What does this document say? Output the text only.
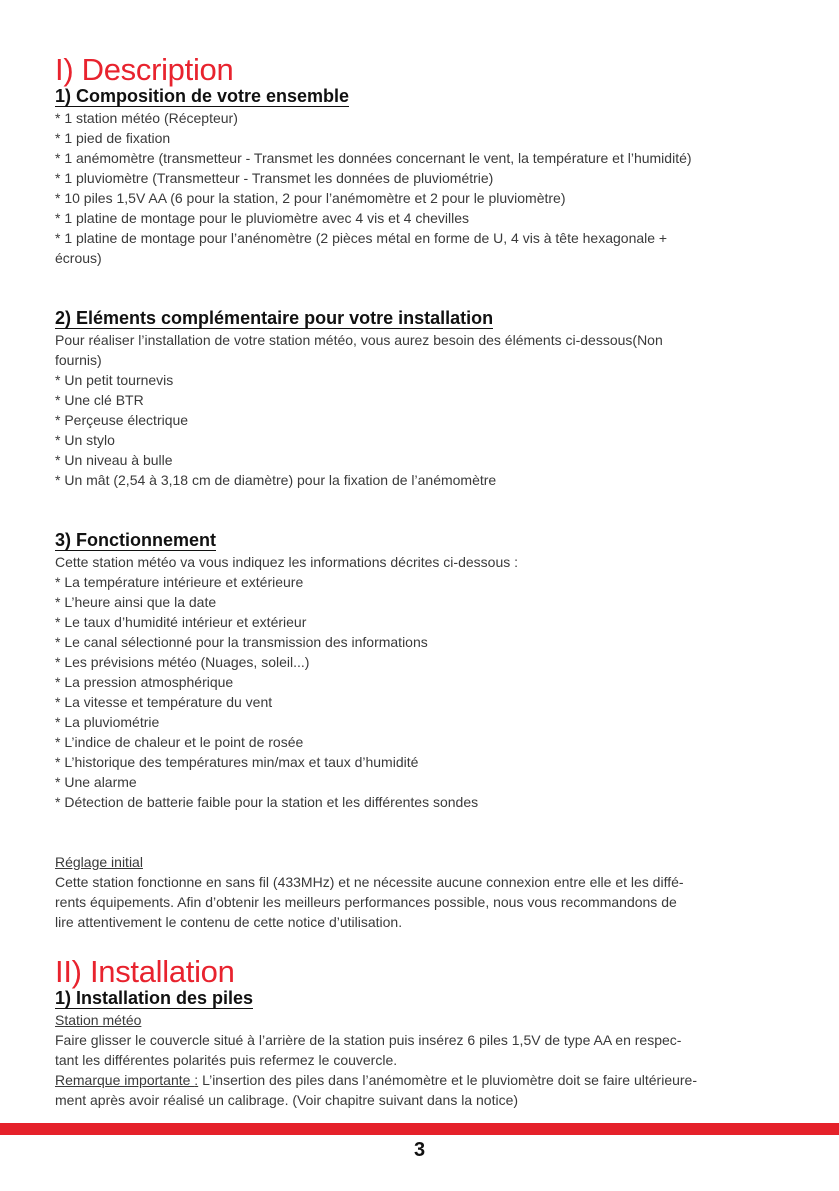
I) Description
1) Composition de votre ensemble

* 1 station météo (Récepteur)

* 1 pied de fixation

* 1 anémomètre (transmetteur - Transmet les données concernant le vent, la température et l’humidité)

* 1 pluviomètre (Transmetteur - Transmet les données de pluviométrie)

* 10 piles 1,5V AA (6 pour la station, 2 pour l’anémomètre et 2 pour le pluviomètre)

* 1 platine de montage pour le pluviomètre avec 4 vis et 4 chevilles

* 1 platine de montage pour l’anénomètre (2 pièces métal en forme de U, 4 vis à tête hexagonale +

écrous)

2) Eléments complémentaire pour votre installation

Pour réaliser l’installation de votre station météo, vous aurez besoin des éléments ci-dessous(Non

fournis)

* Un petit tournevis

* Une clé BTR

* Perçeuse électrique

* Un stylo

* Un niveau à bulle

* Un mât (2,54 à 3,18 cm de diamètre) pour la fixation de l’anémomètre

3) Fonctionnement

Cette station météo va vous indiquez les informations décrites ci-dessous :

* La température intérieure et extérieure

* L’heure ainsi que la date

* Le taux d’humidité intérieur et extérieur

* Le canal sélectionné pour la transmission des informations

* Les prévisions météo (Nuages, soleil...)

* La pression atmosphérique

* La vitesse et température du vent

* La pluviométrie

* L’indice de chaleur et le point de rosée

* L’historique des températures min/max et taux d’humidité

* Une alarme

* Détection de batterie faible pour la station et les différentes sondes

Réglage initial

Cette station fonctionne en sans fil (433MHz) et ne nécessite aucune connexion entre elle et les diffé-

rents équipements. Afin d’obtenir les meilleurs performances possible, nous vous recommandons de

lire attentivement le contenu de cette notice d’utilisation.

II) Installation
1) Installation des piles

Station météo

Faire glisser le couvercle situé à l’arrière de la station puis insérez 6 piles 1,5V de type AA en respec-

tant les différentes polarités puis refermez le couvercle.

Remarque importante : L’insertion des piles dans l’anémomètre et le pluviomètre doit se faire ultérieure-

ment après avoir réalisé un calibrage. (Voir chapitre suivant dans la notice)

3
